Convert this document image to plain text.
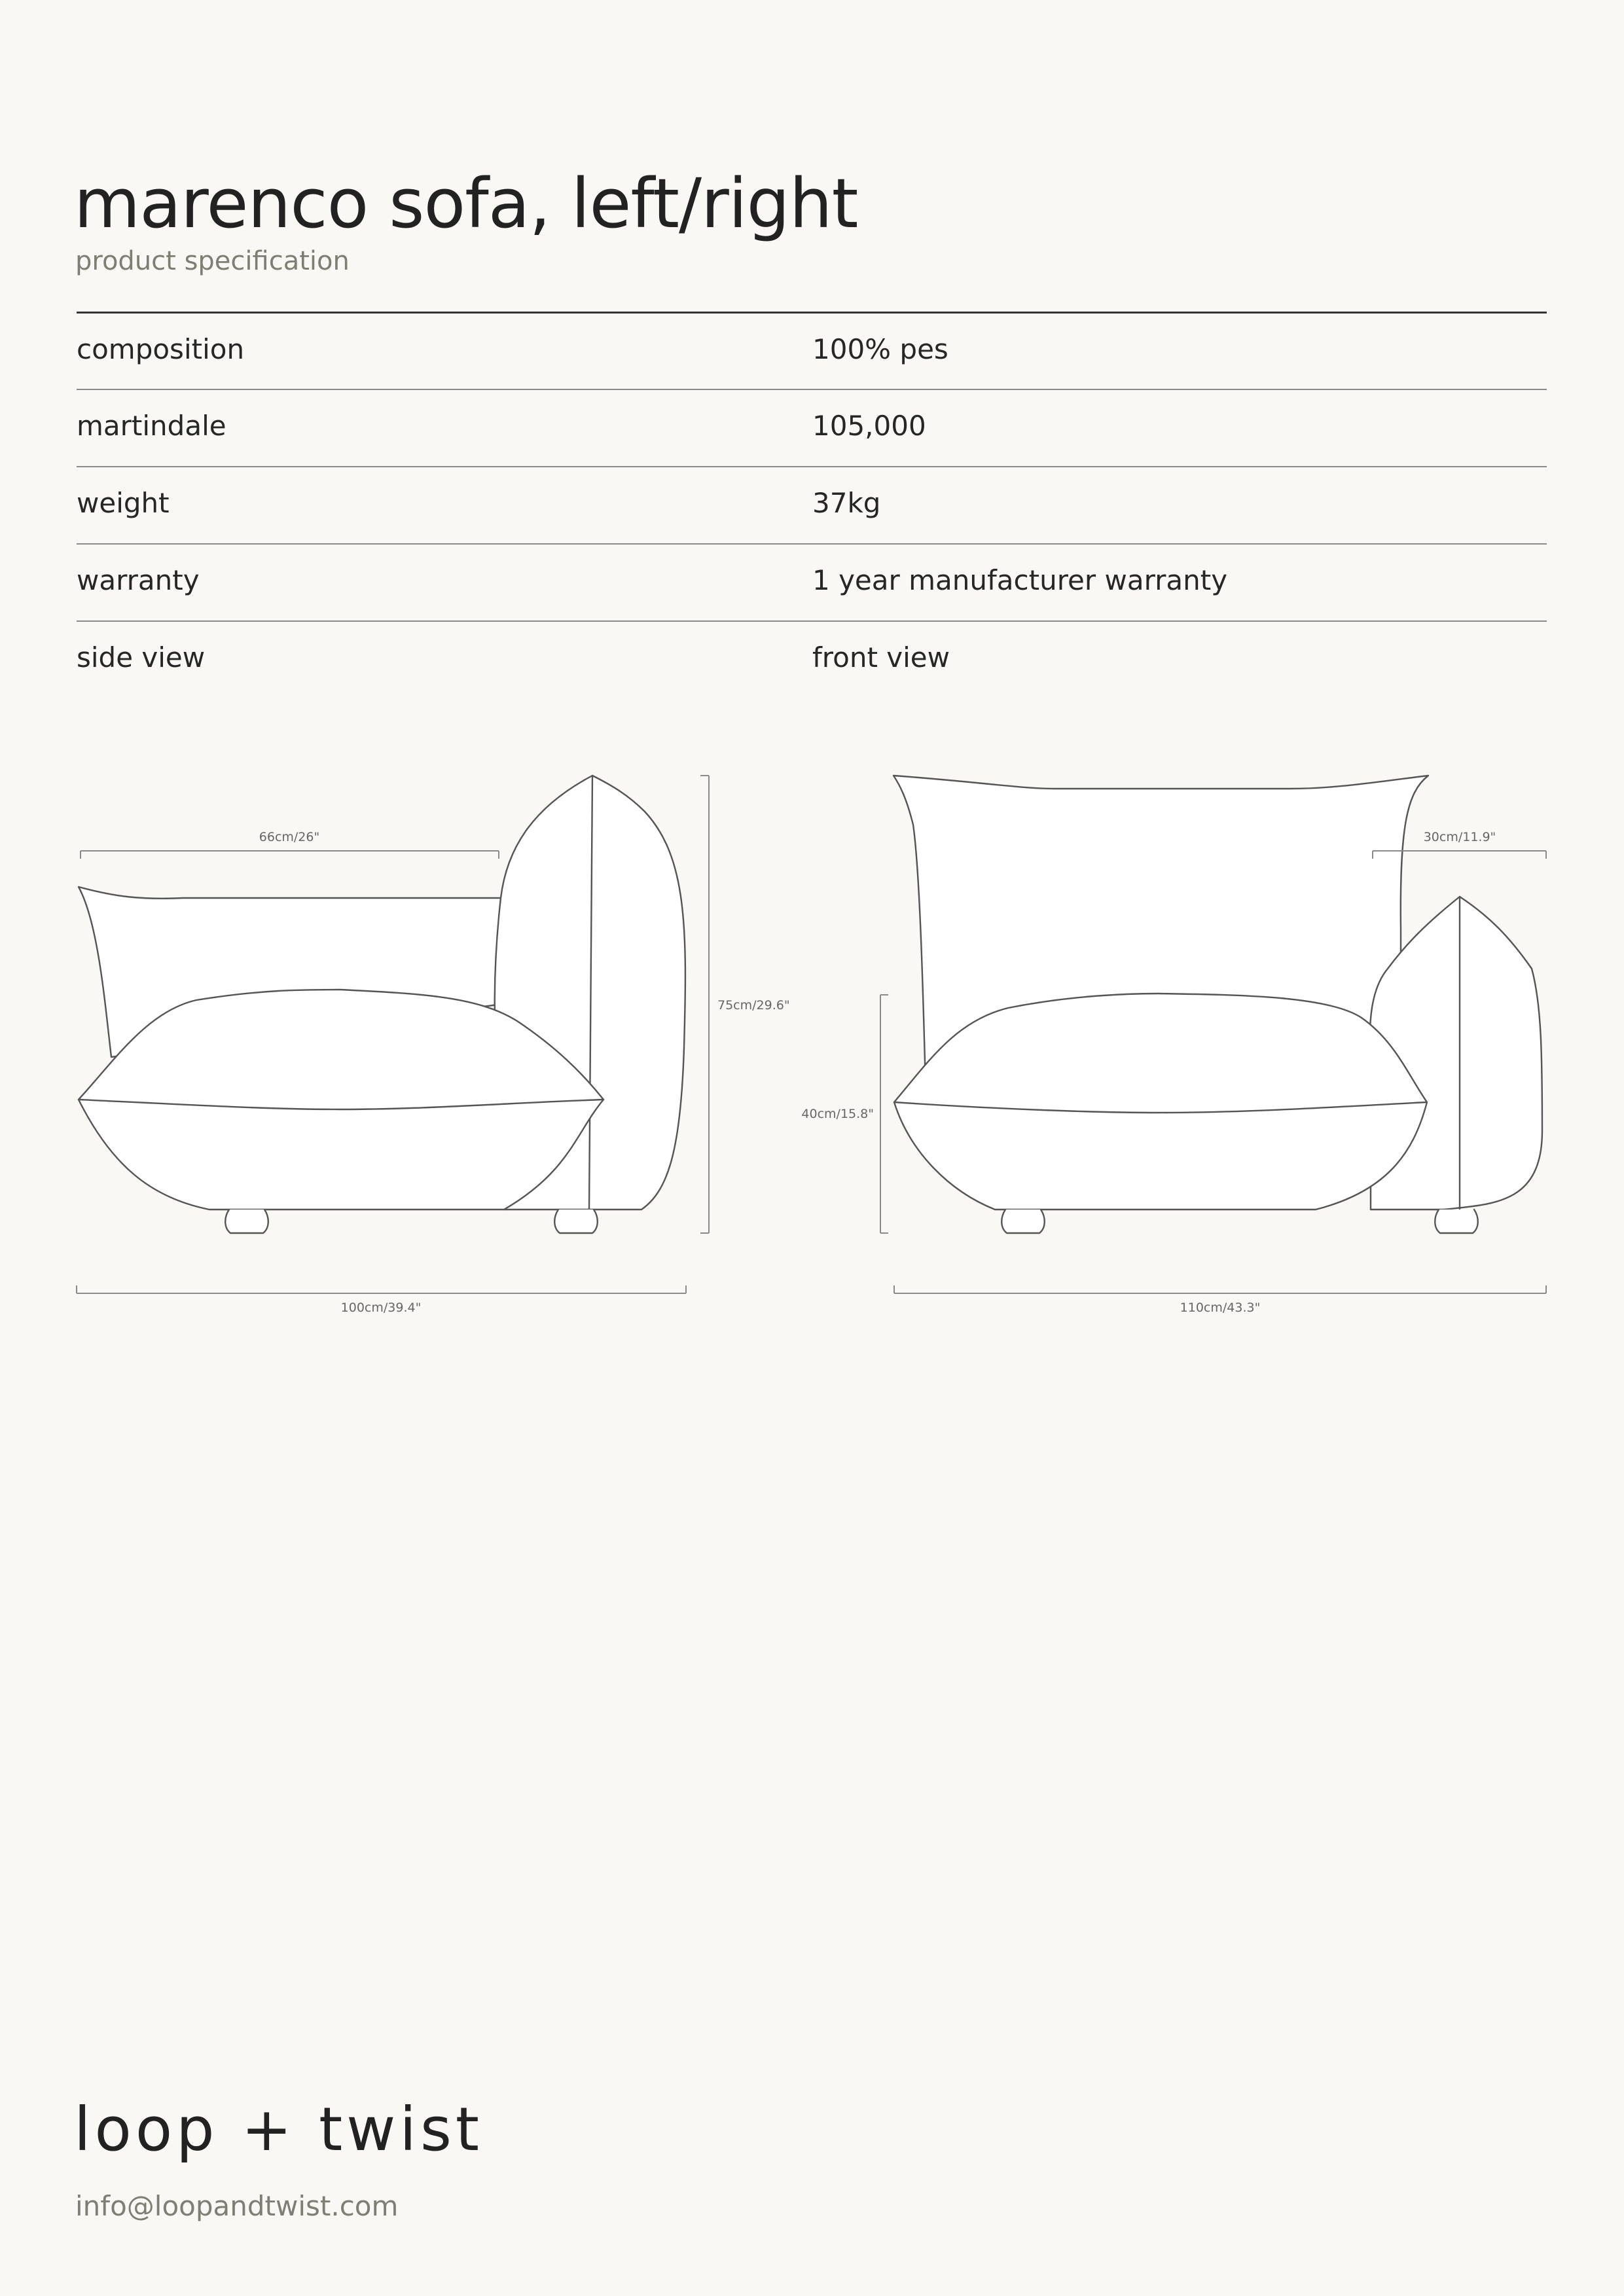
marenco sofa, left/right
product specification
composition	100% pes
martindale	105,000
weight	37kg
warranty	1 year manufacturer warranty
side view	front view
66cm/26"
75cm/29.6"
100cm/39.4"
30cm/11.9"
40cm/15.8"
110cm/43.3"
loop + twist
info@loopandtwist.com
